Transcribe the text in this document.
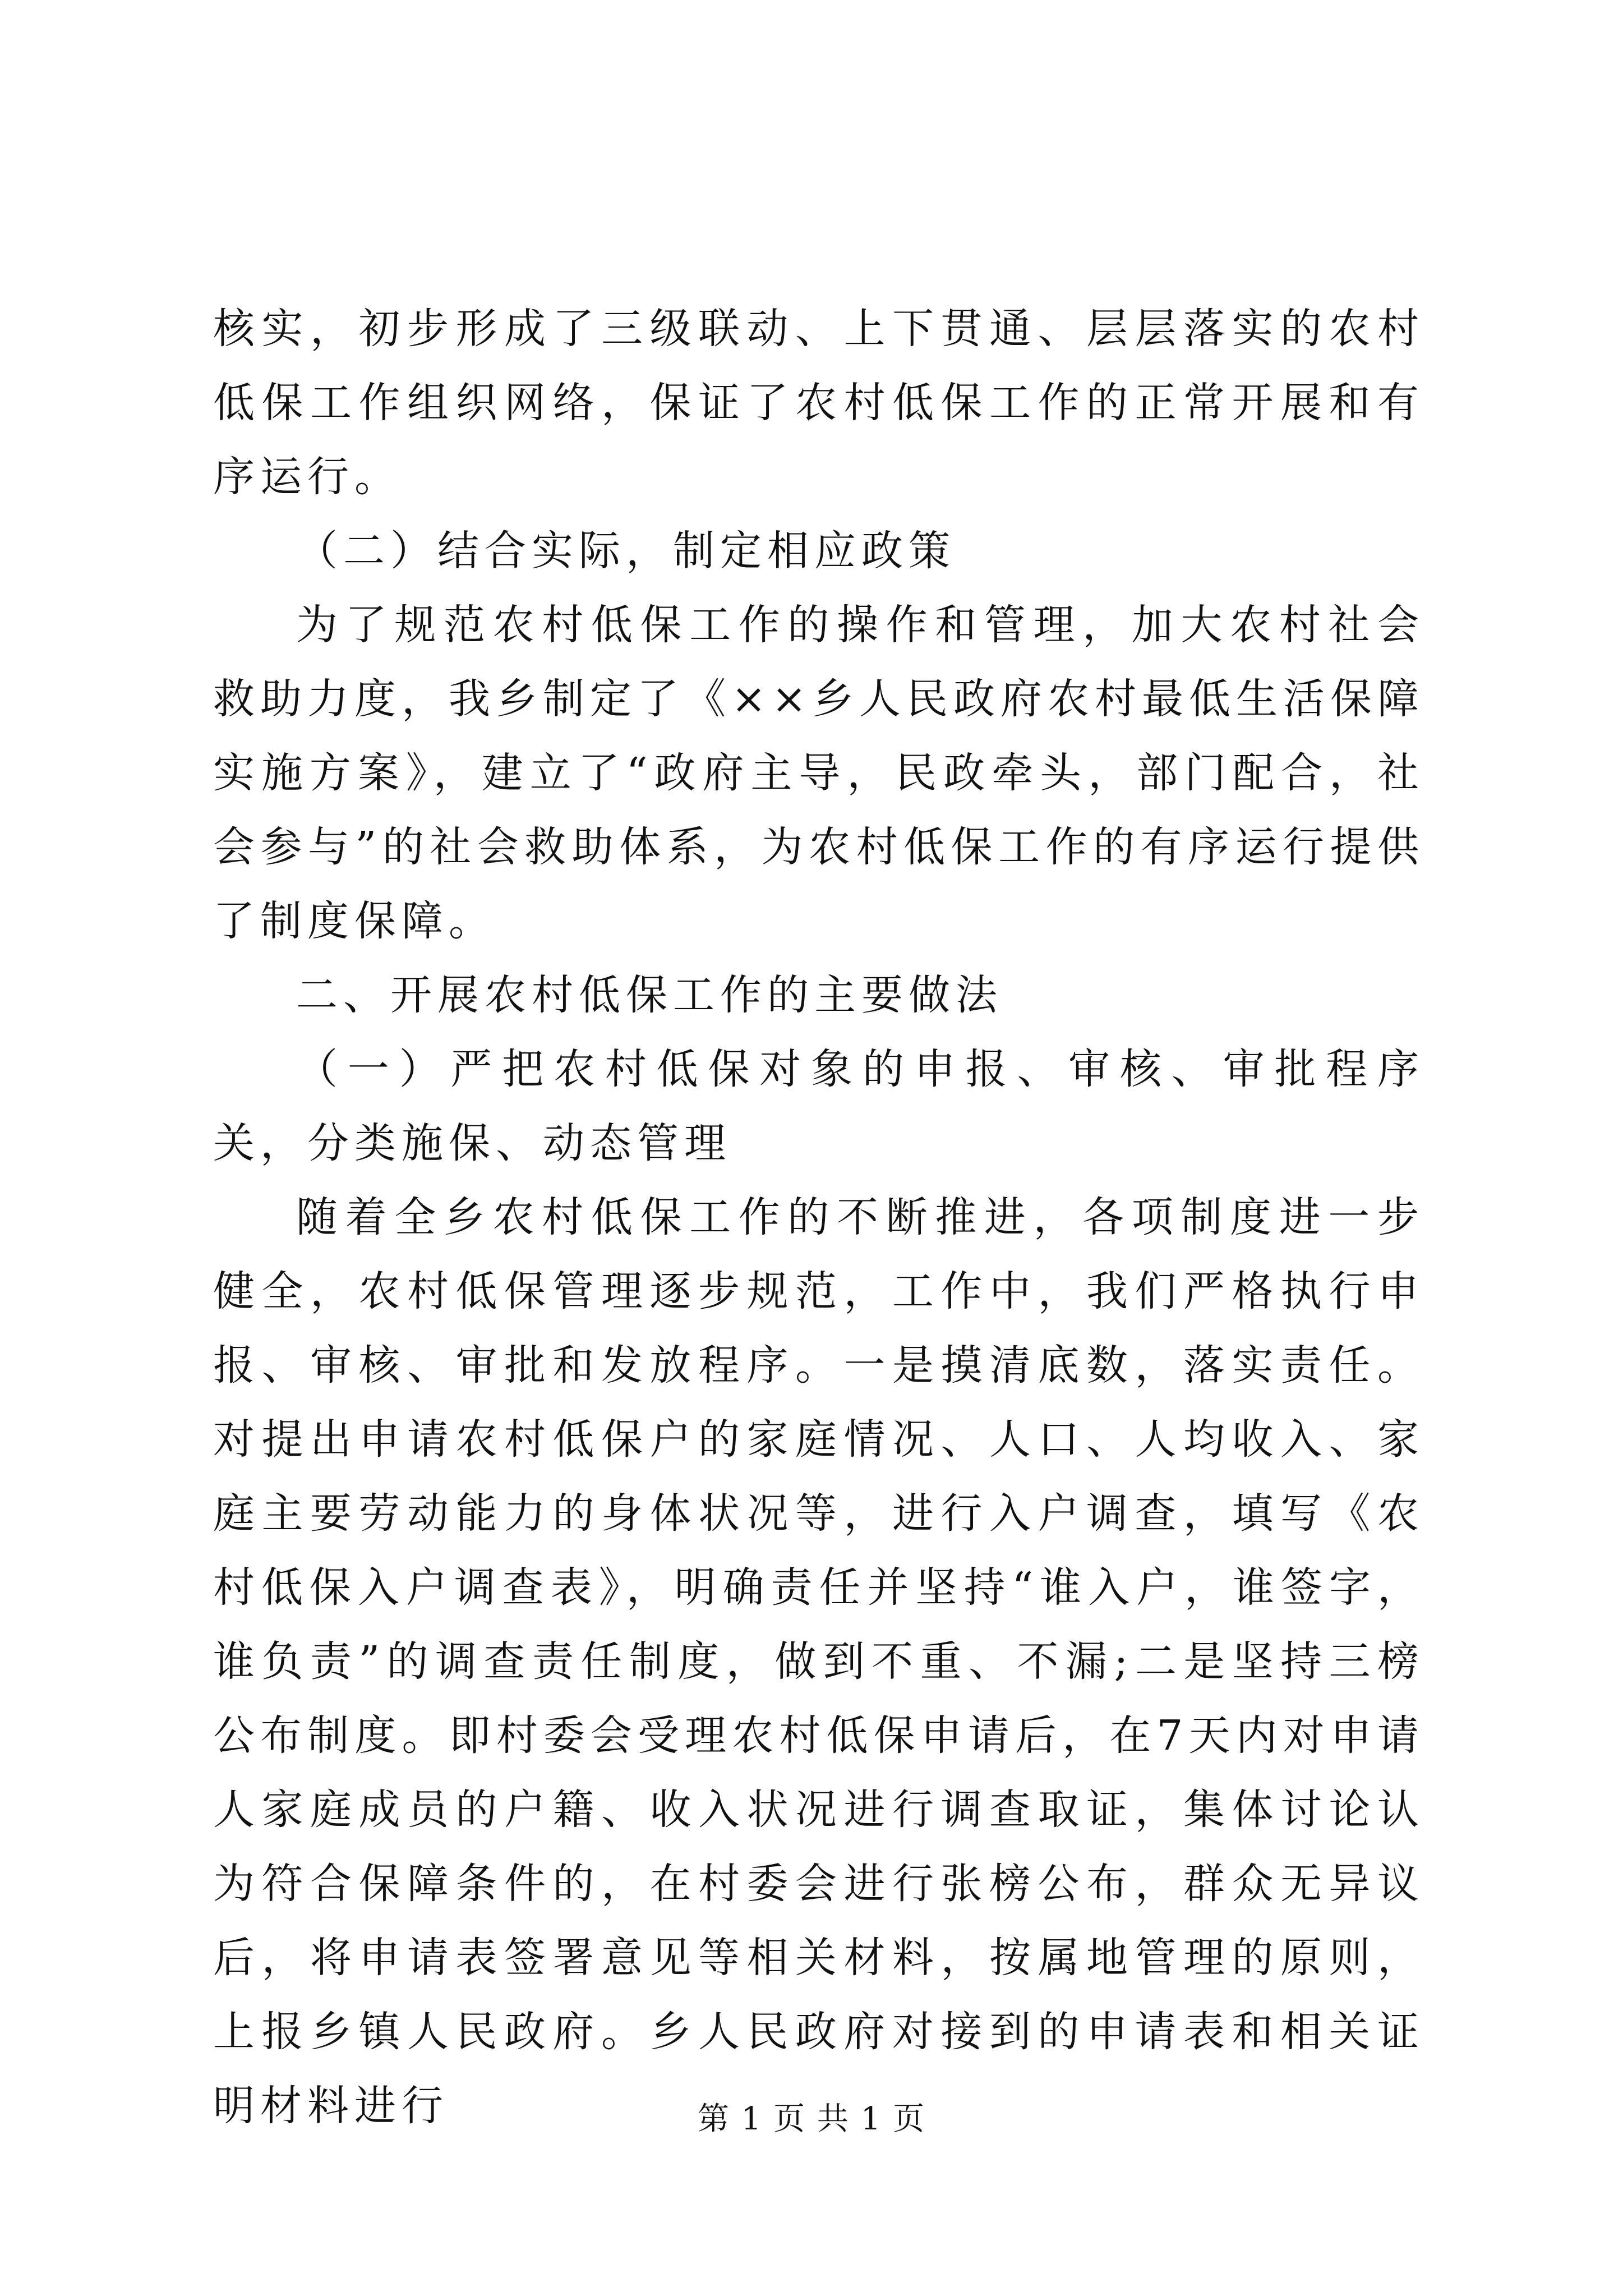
核实，初步形成了三级联动、上下贯通、层层落实的农村低保工作组织网络，保证了农村低保工作的正常开展和有序运行。

（二）结合实际，制定相应政策

为了规范农村低保工作的操作和管理，加大农村社会救助力度，我乡制定了《××乡人民政府农村最低生活保障实施方案》，建立了“政府主导，民政牵头，部门配合，社会参与”的社会救助体系，为农村低保工作的有序运行提供了制度保障。

二、开展农村低保工作的主要做法

（一）严把农村低保对象的申报、审核、审批程序关，分类施保、动态管理

随着全乡农村低保工作的不断推进，各项制度进一步健全，农村低保管理逐步规范，工作中，我们严格执行申报、审核、审批和发放程序。一是摸清底数，落实责任。对提出申请农村低保户的家庭情况、人口、人均收入、家庭主要劳动能力的身体状况等，进行入户调查，填写《农村低保入户调查表》，明确责任并坚持“谁入户，谁签字，谁负责”的调查责任制度，做到不重、不漏;二是坚持三榜公布制度。即村委会受理农村低保申请后，在7天内对申请人家庭成员的户籍、收入状况进行调查取证，集体讨论认为符合保障条件的，在村委会进行张榜公布，群众无异议后，将申请表签署意见等相关材料，按属地管理的原则，上报乡镇人民政府。乡人民政府对接到的申请表和相关证明材料进行	第 1 页 共 1 页
